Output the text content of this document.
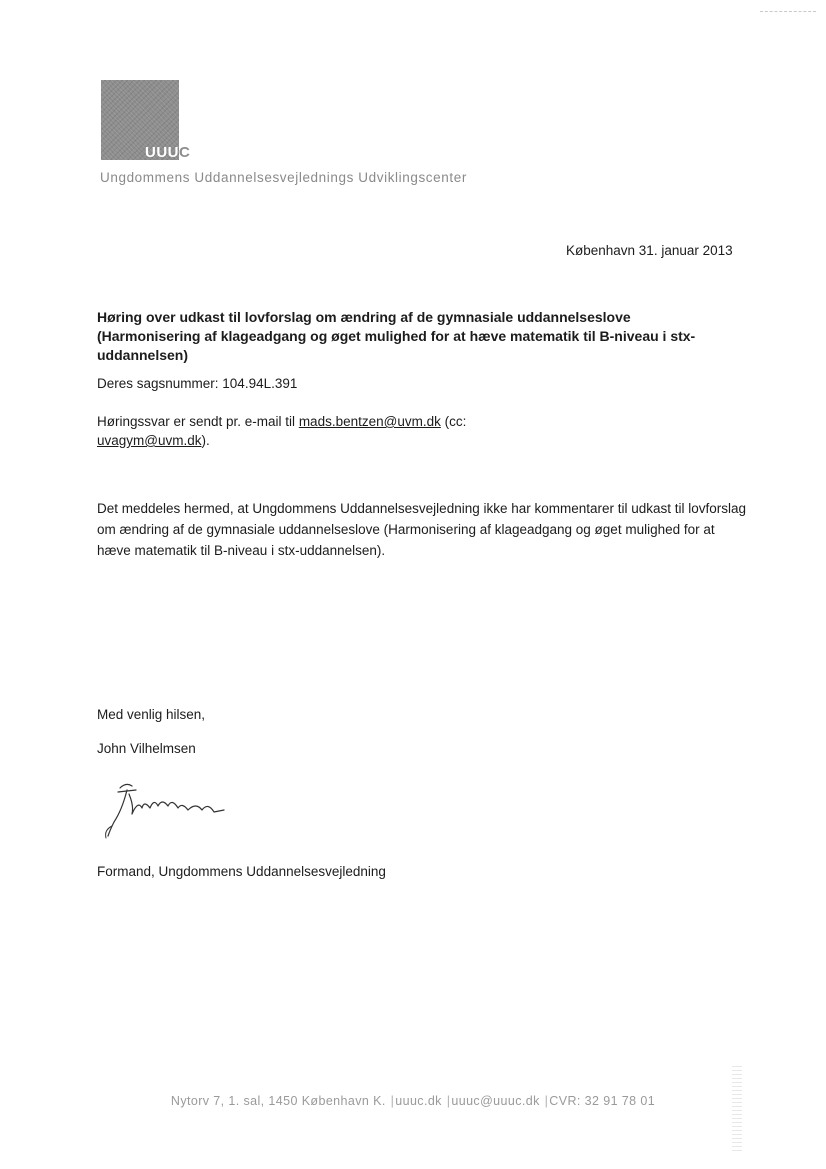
UUUC
Ungdommens Uddannelsesvejlednings Udviklingscenter
København 31. januar 2013
Høring over udkast til lovforslag om ændring af de gymnasiale uddannelseslove (Harmonisering af klageadgang og øget mulighed for at hæve matematik til B-niveau i stx-uddannelsen)
Deres sagsnummer: 104.94L.391
Høringssvar er sendt pr. e-mail til mads.bentzen@uvm.dk (cc: uvagym@uvm.dk).
Det meddeles hermed, at Ungdommens Uddannelsesvejledning ikke har kommentarer til udkast til lovforslag om ændring af de gymnasiale uddannelseslove (Harmonisering af klageadgang og øget mulighed for at hæve matematik til B-niveau i stx-uddannelsen).
Med venlig hilsen,
John Vilhelmsen
Formand, Ungdommens Uddannelsesvejledning
Nytorv 7, 1. sal, 1450 København K. |uuuc.dk |uuuc@uuuc.dk |CVR: 32 91 78 01
